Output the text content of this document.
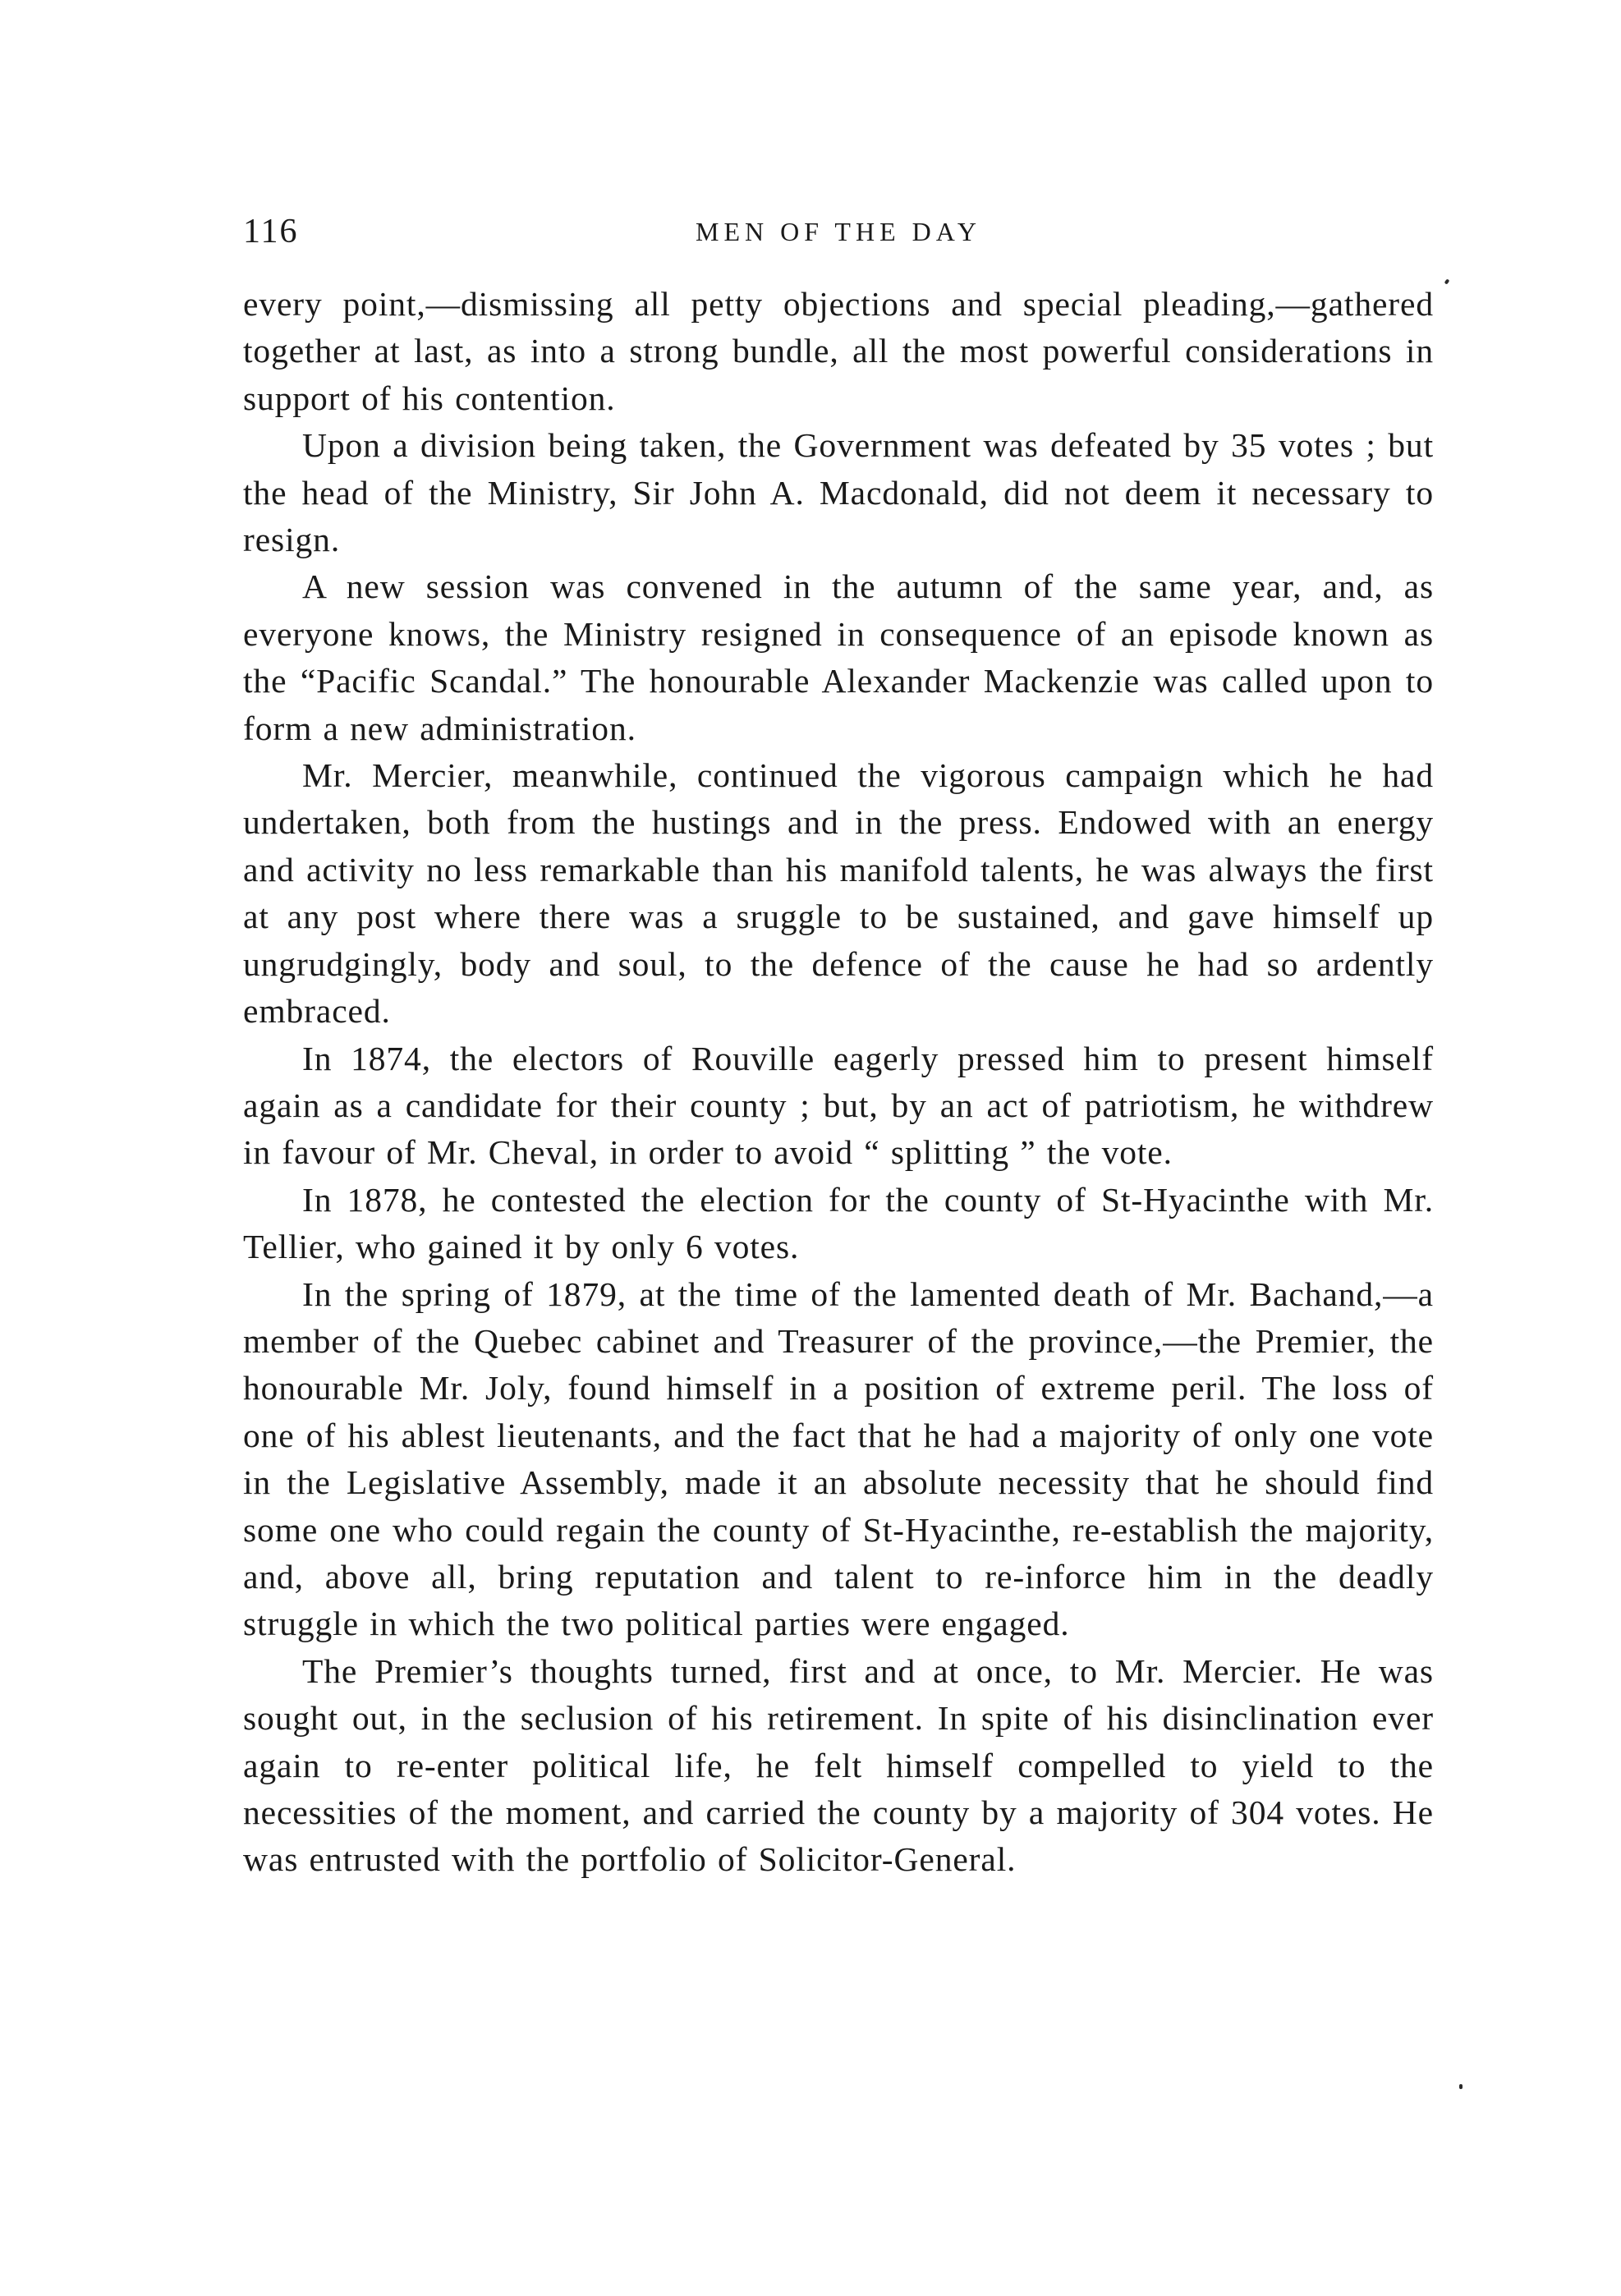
116	MEN OF THE DAY

every point,—dismissing all petty objections and special pleading,—gathered together at last, as into a strong bundle, all the most powerful considerations in support of his contention.

Upon a division being taken, the Government was defeated by 35 votes ; but the head of the Ministry, Sir John A. Macdonald, did not deem it necessary to resign.

A new session was convened in the autumn of the same year, and, as everyone knows, the Ministry resigned in consequence of an episode known as the “Pacific Scandal.” The honourable Alexander Mackenzie was called upon to form a new administration.

Mr. Mercier, meanwhile, continued the vigorous campaign which he had undertaken, both from the hustings and in the press. Endowed with an energy and activity no less remarkable than his manifold talents, he was always the first at any post where there was a sruggle to be sustained, and gave himself up ungrudgingly, body and soul, to the defence of the cause he had so ardently embraced.

In 1874, the electors of Rouville eagerly pressed him to present himself again as a candidate for their county ; but, by an act of patriotism, he withdrew in favour of Mr. Cheval, in order to avoid “ splitting ” the vote.

In 1878, he contested the election for the county of St-Hyacinthe with Mr. Tellier, who gained it by only 6 votes.

In the spring of 1879, at the time of the lamented death of Mr. Bachand,—a member of the Quebec cabinet and Treasurer of the province,—the Premier, the honourable Mr. Joly, found himself in a position of extreme peril. The loss of one of his ablest lieutenants, and the fact that he had a majority of only one vote in the Legislative Assembly, made it an absolute necessity that he should find some one who could regain the county of St-Hyacinthe, re-establish the majority, and, above all, bring reputation and talent to re-inforce him in the deadly struggle in which the two political parties were engaged.

The Premier’s thoughts turned, first and at once, to Mr. Mercier. He was sought out, in the seclusion of his retirement. In spite of his disinclination ever again to re-enter political life, he felt himself compelled to yield to the necessities of the moment, and carried the county by a majority of 304 votes. He was entrusted with the portfolio of Solicitor-General.
